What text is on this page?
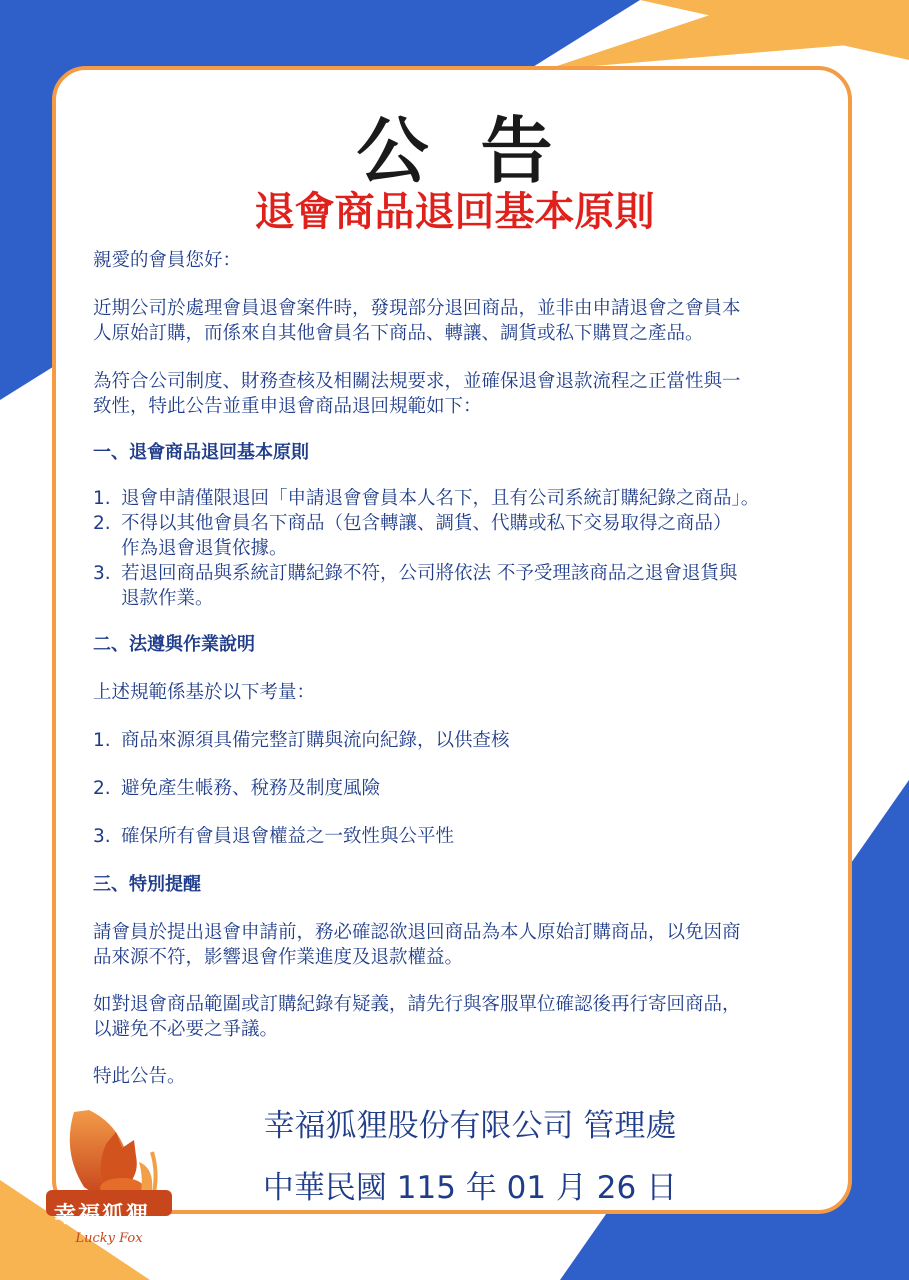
公告
退會商品退回基本原則
親愛的會員您好：
近期公司於處理會員退會案件時，發現部分退回商品，並非由申請退會之會員本
人原始訂購，而係來自其他會員名下商品、轉讓、調貨或私下購買之產品。
為符合公司制度、財務查核及相關法規要求，並確保退會退款流程之正當性與一
致性，特此公告並重申退會商品退回規範如下：
一、退會商品退回基本原則
1. 退會申請僅限退回「申請退會會員本人名下，且有公司系統訂購紀錄之商品」。
2. 不得以其他會員名下商品（包含轉讓、調貨、代購或私下交易取得之商品）
作為退會退貨依據。
3. 若退回商品與系統訂購紀錄不符，公司將依法 不予受理該商品之退會退貨與
退款作業。
二、法遵與作業說明
上述規範係基於以下考量：
1. 商品來源須具備完整訂購與流向紀錄，以供查核
2. 避免產生帳務、稅務及制度風險
3. 確保所有會員退會權益之一致性與公平性
三、特別提醒
請會員於提出退會申請前，務必確認欲退回商品為本人原始訂購商品，以免因商
品來源不符，影響退會作業進度及退款權益。
如對退會商品範圍或訂購紀錄有疑義，請先行與客服單位確認後再行寄回商品，
以避免不必要之爭議。
特此公告。
幸福狐狸®
Lucky Fox
幸福狐狸股份有限公司 管理處
中華民國 115 年 01 月 26 日
